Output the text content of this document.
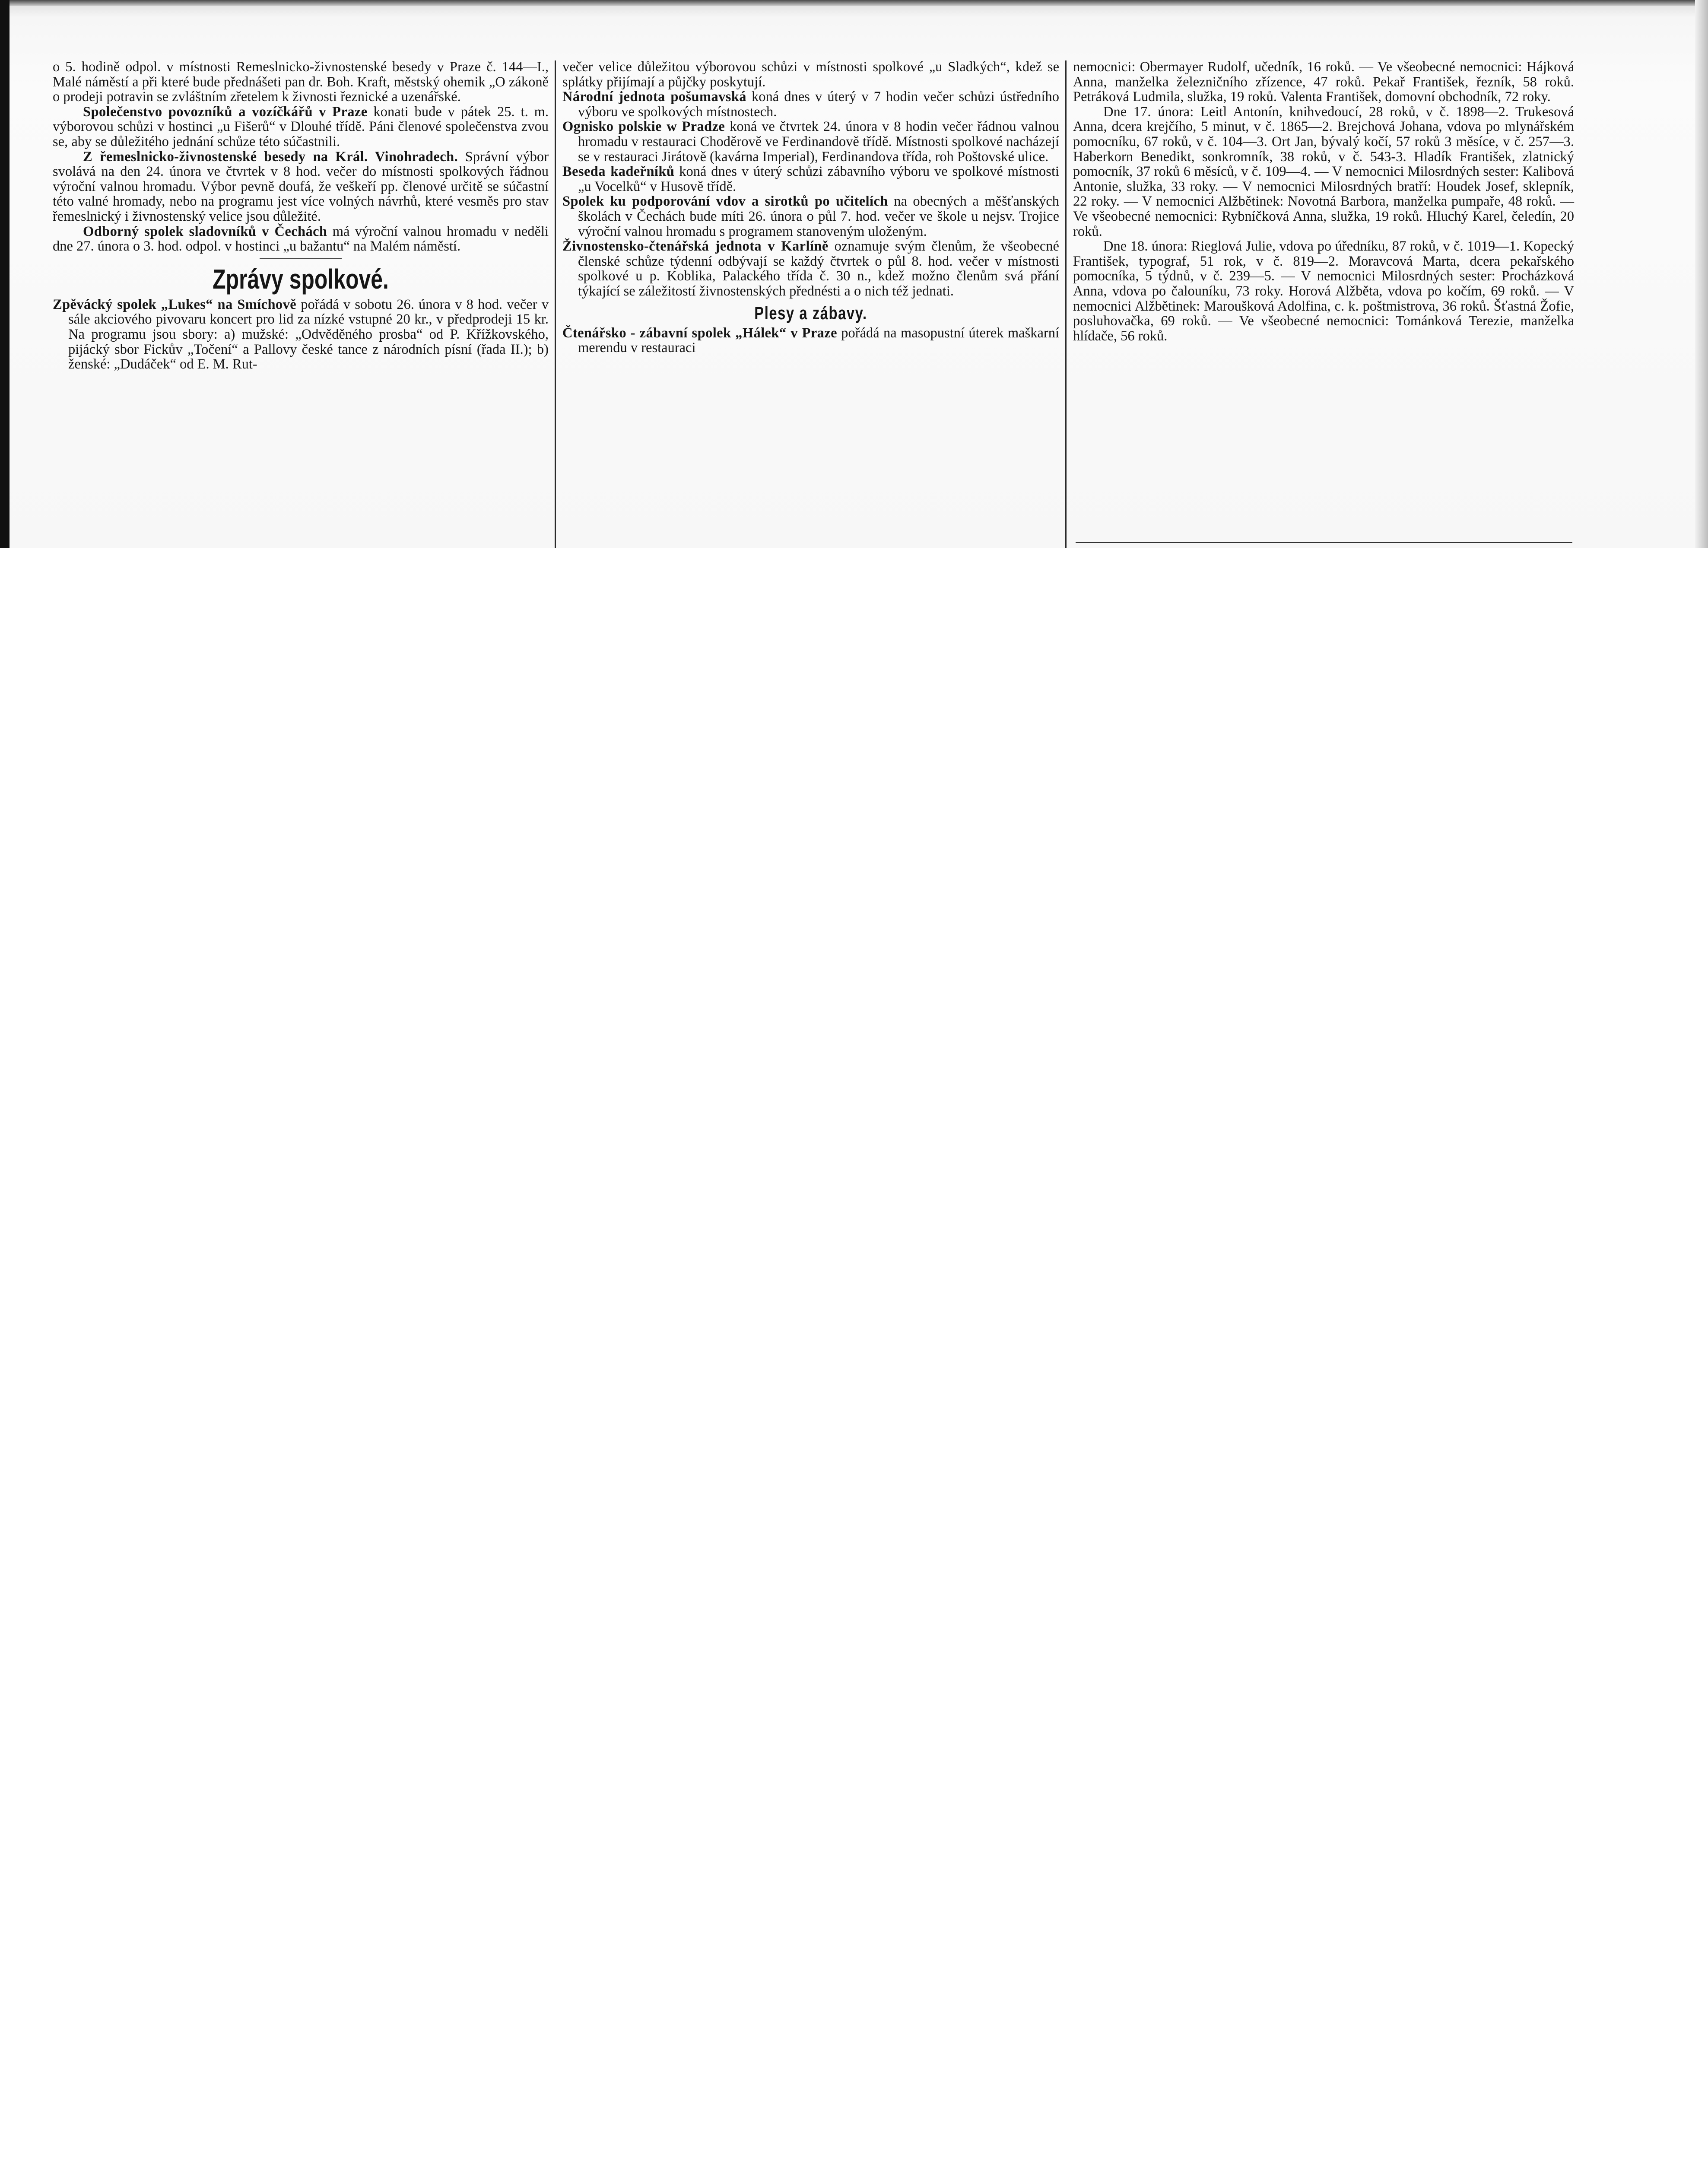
o 5. hodině odpol. v místnosti Remeslnicko-živnostenské besedy v Praze č. 144—I., Malé náměstí a při které bude přednášeti pan dr. Boh. Kraft, městský ohemik „O zákoně o prodeji potravin se zvláštním zřetelem k živnosti řeznické a uzenářské.

Společenstvo povozníků a vozíčkářů v Praze konati bude v pátek 25. t. m. výborovou schůzi v hostinci „u Fišerů“ v Dlouhé třídě. Páni členové společenstva zvou se, aby se důležitého jednání schůze této súčastnili.

Z řemeslnicko-živnostenské besedy na Král. Vinohradech. Správní výbor svolává na den 24. února ve čtvrtek v 8 hod. večer do místnosti spolkových řádnou výroční valnou hromadu. Výbor pevně doufá, že veškeří pp. členové určitě se súčastní této valné hromady, nebo na programu jest více volných návrhů, které vesměs pro stav řemeslnický i živnostenský velice jsou důležité.

Odborný spolek sladovníků v Čechách má výroční valnou hromadu v neděli dne 27. února o 3. hod. odpol. v hostinci „u bažantu“ na Malém náměstí.

Zprávy spolkové.

Zpěvácký spolek „Lukes“ na Smíchově pořádá v sobotu 26. února v 8 hod. večer v sále akciového pivovaru koncert pro lid za nízké vstupné 20 kr., v předprodeji 15 kr. Na programu jsou sbory: a) mužské: „Odvěděného prosba“ od P. Křížkovského, pijácký sbor Fickův „Točení“ a Pallovy české tance z národních písní (řada II.); b) ženské: „Dudáček“ od E. M. Rut-

večer velice důležitou výborovou schůzi v místnosti spolkové „u Sladkých“, kdež se splátky přijímají a půjčky poskytují.

Národní jednota pošumavská koná dnes v úterý v 7 hodin večer schůzi ústředního výboru ve spolkových místnostech.

Ognisko polskie w Pradze koná ve čtvrtek 24. února v 8 hodin večer řádnou valnou hromadu v restauraci Choděrově ve Ferdinandově třídě. Místnosti spolkové nacházejí se v restauraci Jirátově (kavárna Imperial), Ferdinandova třída, roh Poštovské ulice.

Beseda kadeřníků koná dnes v úterý schůzi zábavního výboru ve spolkové místnosti „u Vocelků“ v Husově třídě.

Spolek ku podporování vdov a sirotků po učitelích na obecných a měšťanských školách v Čechách bude míti 26. února o půl 7. hod. večer ve škole u nejsv. Trojice výroční valnou hromadu s programem stanoveným uloženým.

Živnostensko-čtenářská jednota v Karlíně oznamuje svým členům, že všeobecné členské schůze týdenní odbývají se každý čtvrtek o půl 8. hod. večer v místnosti spolkové u p. Koblika, Palackého třída č. 30 n., kdež možno členům svá přání týkající se záležitostí živnostenských přednésti a o nich též jednati.

Plesy a zábavy.

Čtenářsko - zábavní spolek „Hálek“ v Praze pořádá na masopustní úterek maškarní merendu v restauraci

nemocnici: Obermayer Rudolf, učedník, 16 roků. — Ve všeobecné nemocnici: Hájková Anna, manželka železničního zřízence, 47 roků. Pekař František, řezník, 58 roků. Petráková Ludmila, služka, 19 roků. Valenta František, domovní obchodník, 72 roky.

Dne 17. února: Leitl Antonín, knihvedoucí, 28 roků, v č. 1898—2. Trukesová Anna, dcera krejčího, 5 minut, v č. 1865—2. Brejchová Johana, vdova po mlynářském pomocníku, 67 roků, v č. 104—3. Ort Jan, bývalý kočí, 57 roků 3 měsíce, v č. 257—3. Haberkorn Benedikt, sonkromník, 38 roků, v č. 543-3. Hladík František, zlatnický pomocník, 37 roků 6 měsíců, v č. 109—4. — V nemocnici Milosrdných sester: Kalibová Antonie, služka, 33 roky. — V nemocnici Milosrdných bratří: Houdek Josef, sklepník, 22 roky. — V nemocnici Alžbětinek: Novotná Barbora, manželka pumpaře, 48 roků. — Ve všeobecné nemocnici: Rybníčková Anna, služka, 19 roků. Hluchý Karel, čeledín, 20 roků.

Dne 18. února: Rieglová Julie, vdova po úředníku, 87 roků, v č. 1019—1. Kopecký František, typograf, 51 rok, v č. 819—2. Moravcová Marta, dcera pekařského pomocníka, 5 týdnů, v č. 239—5. — V nemocnici Milosrdných sester: Procházková Anna, vdova po čalouníku, 73 roky. Horová Alžběta, vdova po kočím, 69 roků. — V nemocnici Alžbětinek: Maroušková Adolfina, c. k. poštmistrova, 36 roků. Šťastná Žofie, posluhovačka, 69 roků. — Ve všeobecné nemocnici: Tománková Terezie, manželka hlídače, 56 roků.
